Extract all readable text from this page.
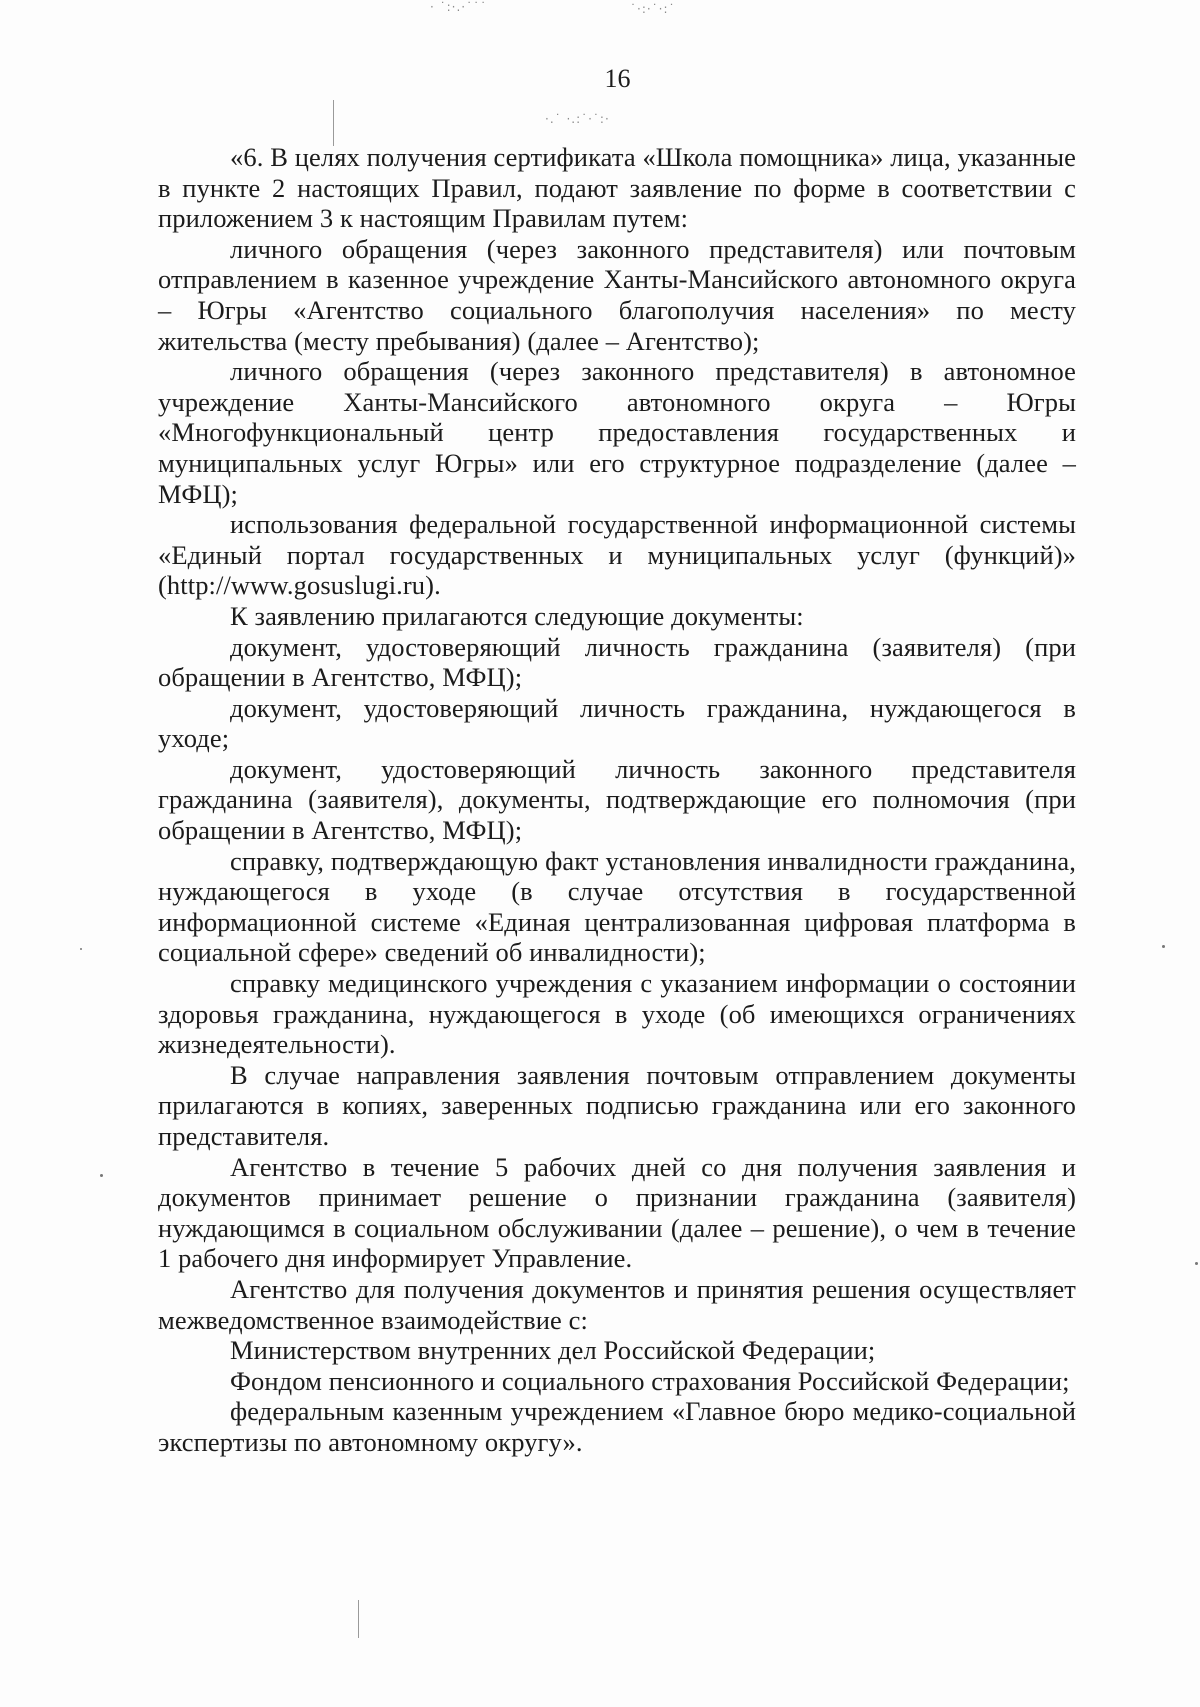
· ˙:·.·˙˙˙	˙·:·˙·:˙
·.˙ ·.:˙·˙:·
16

«6. В целях получения сертификата «Школа помощника» лица, указанные в пункте 2 настоящих Правил, подают заявление по форме в соответствии с приложением 3 к настоящим Правилам путем:

личного обращения (через законного представителя) или почтовым отправлением в казенное учреждение Ханты-Мансийского автономного округа – Югры «Агентство социального благополучия населения» по месту жительства (месту пребывания) (далее – Агентство);

личного обращения (через законного представителя) в автономное учреждение Ханты-Мансийского автономного округа – Югры «Многофункциональный центр предоставления государственных и муниципальных услуг Югры» или его структурное подразделение (далее – МФЦ);

использования федеральной государственной информационной системы «Единый портал государственных и муниципальных услуг (функций)» (http://www.gosuslugi.ru).

К заявлению прилагаются следующие документы:

документ, удостоверяющий личность гражданина (заявителя) (при обращении в Агентство, МФЦ);

документ, удостоверяющий личность гражданина, нуждающегося в уходе;

документ, удостоверяющий личность законного представителя гражданина (заявителя), документы, подтверждающие его полномочия (при обращении в Агентство, МФЦ);

справку, подтверждающую факт установления инвалидности гражданина, нуждающегося в уходе (в случае отсутствия в государственной информационной системе «Единая централизованная цифровая платформа в социальной сфере» сведений об инвалидности);

справку медицинского учреждения с указанием информации о состоянии здоровья гражданина, нуждающегося в уходе (об имеющихся ограничениях жизнедеятельности).

В случае направления заявления почтовым отправлением документы прилагаются в копиях, заверенных подписью гражданина или его законного представителя.

Агентство в течение 5 рабочих дней со дня получения заявления и документов принимает решение о признании гражданина (заявителя) нуждающимся в социальном обслуживании (далее – решение), о чем в течение 1 рабочего дня информирует Управление.

Агентство для получения документов и принятия решения осуществляет межведомственное взаимодействие с:

Министерством внутренних дел Российской Федерации;

Фондом пенсионного и социального страхования Российской Федерации;

федеральным казенным учреждением «Главное бюро медико-социальной экспертизы по автономному округу».
